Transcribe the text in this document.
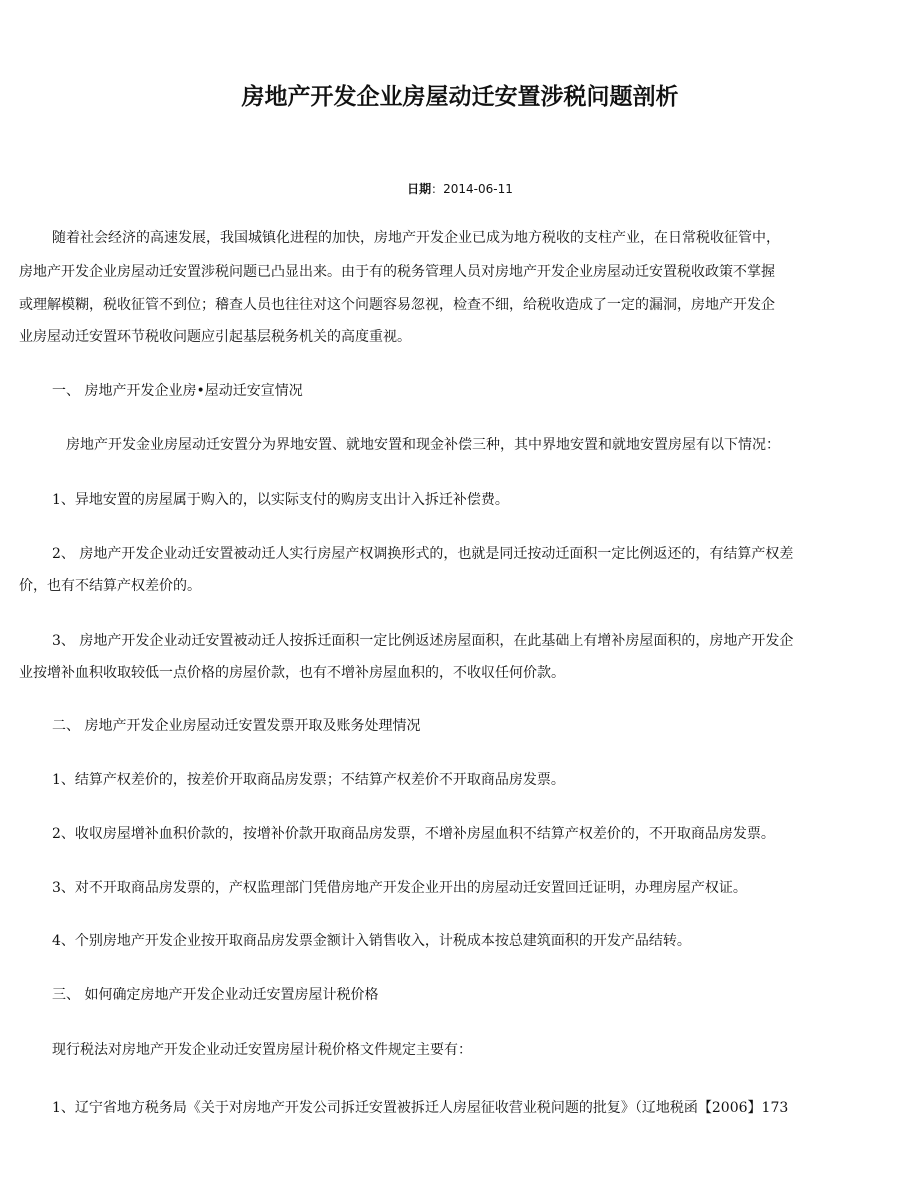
房地产开发企业房屋动迁安置涉税问题剖析
日期：2014-06-11

随着社会经济的高速发展，我国城镇化进程的加快，房地产开发企业已成为地方税收的支柱产业，在日常税收征管中，

房地产开发企业房屋动迁安置涉税问题已凸显出来。由于有的税务管理人员对房地产开发企业房屋动迁安置税收政策不掌握

或理解模糊，税收征管不到位；稽查人员也往往对这个问题容易忽视，检查不细，给税收造成了一定的漏洞，房地产开发企

业房屋动迁安置环节税收问题应引起基层税务机关的高度重视。

一、 房地产开发企业房•屋动迁安宣情况

房地产开发金业房屋动迁安置分为界地安置、就地安置和现金补偿三种，其中界地安置和就地安置房屋有以下情况：

1、异地安置的房屋属于购入的，以实际支付的购房支出计入拆迁补偿费。

2、 房地产开发企业动迁安置被动迁人实行房屋产权调换形式的，也就是同迁按动迁面积一定比例返还的，有结算产权差

价，也有不结算产权差价的。

3、 房地产开发企业动迁安置被动迁人按拆迁面积一定比例返述房屋面积，在此基础上有增补房屋面积的，房地产开发企

业按增补血积收取较低一点价格的房屋价款，也有不增补房屋血积的，不收収任何价款。

二、 房地产开发企业房屋动迁安置发票开取及账务处理情况

1、结算产权差价的，按差价开取商品房发票；不结算产权差价不开取商品房发票。

2、收収房屋增补血积价款的，按增补价款开取商品房发票，不增补房屋血积不结算产权差价的，不开取商品房发票。

3、对不开取商品房发票的，产权监理部门凭借房地产开发企业开出的房屋动迁安置回迁证明，办理房屋产权证。

4、个别房地产开发企业按开取商品房发票金额计入销售收入，计税成本按总建筑面积的开发产品结转。

三、 如何确定房地产开发企业动迁安置房屋计税价格

现行税法对房地产开发企业动迁安置房屋计税价格文件规定主要有：

1、辽宁省地方税务局《关于对房地产开发公司拆迁安置被拆迁人房屋征收营业税问题的批复》（辽地税函【2006】173
